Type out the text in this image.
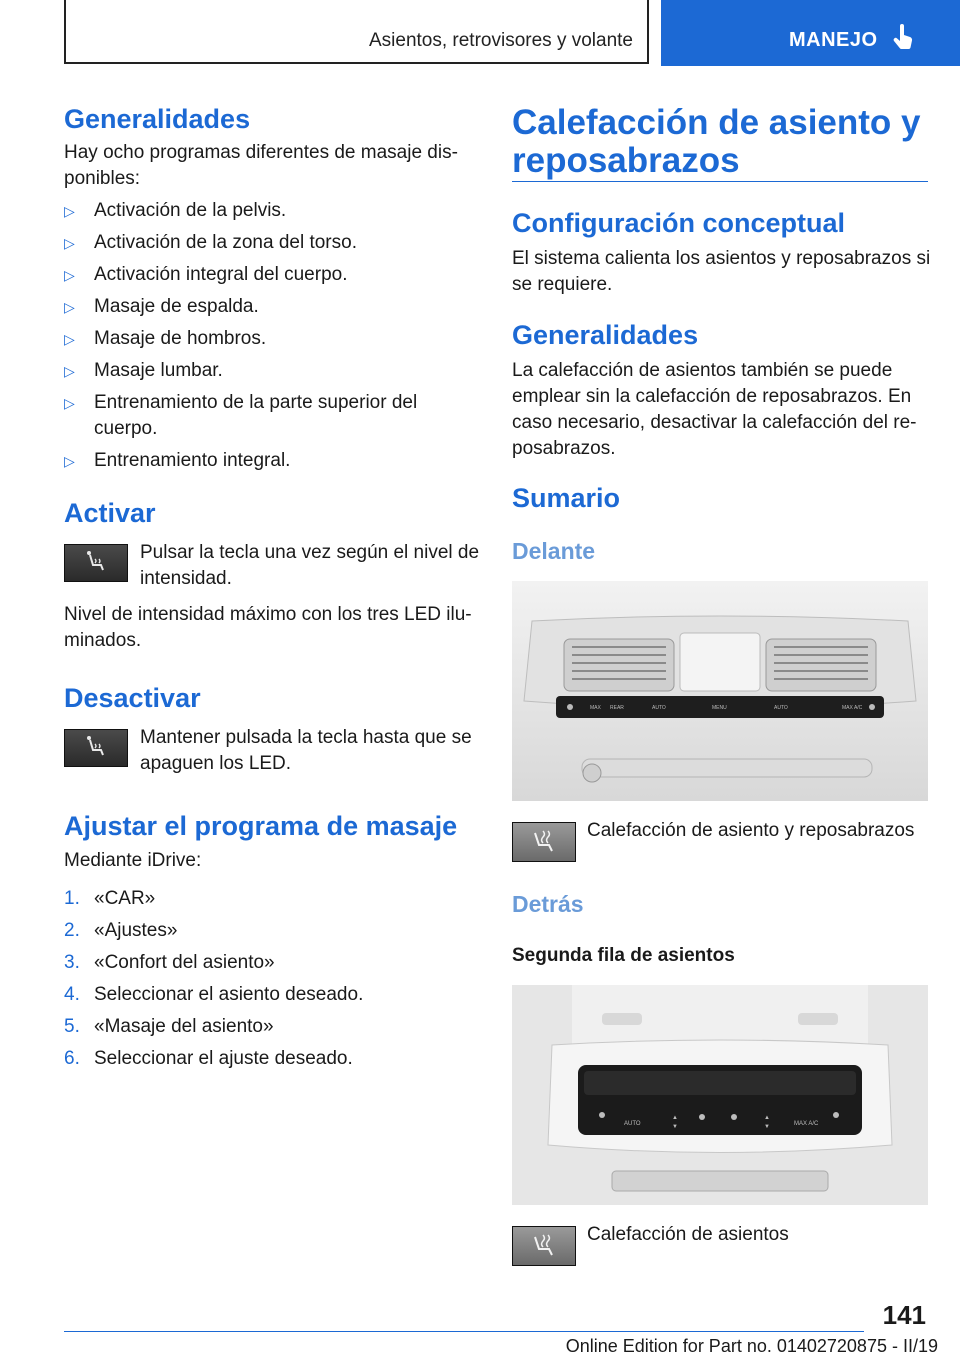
Asientos, retrovisores y volante	MANEJO
Generalidades
Hay ocho programas diferentes de masaje dis‐
ponibles:
▷ Activación de la pelvis.
▷ Activación de la zona del torso.
▷ Activación integral del cuerpo.
▷ Masaje de espalda.
▷ Masaje de hombros.
▷ Masaje lumbar.
▷ Entrenamiento de la parte superior del
cuerpo.
▷ Entrenamiento integral.
Activar
Pulsar la tecla una vez según el nivel de
intensidad.
Nivel de intensidad máximo con los tres LED ilu‐
minados.
Desactivar
Mantener pulsada la tecla hasta que se
apaguen los LED.
Ajustar el programa de masaje
Mediante iDrive:
1. «CAR»
2. «Ajustes»
3. «Confort del asiento»
4. Seleccionar el asiento deseado.
5. «Masaje del asiento»
6. Seleccionar el ajuste deseado.
Calefacción de asiento y
reposabrazos
Configuración conceptual
El sistema calienta los asientos y reposabrazos si
se requiere.
Generalidades
La calefacción de asientos también se puede
emplear sin la calefacción de reposabrazos. En
caso necesario, desactivar la calefacción del re‐
posabrazos.
Sumario
Delante
MAX REAR	AUTO	MENU	AUTO	MAX A/C
Calefacción de asiento y reposabrazos
Detrás
Segunda fila de asientos
AUTO	MAX A/C
▲
▼
▲
▼
Calefacción de asientos
141
Online Edition for Part no. 01402720875 - II/19
